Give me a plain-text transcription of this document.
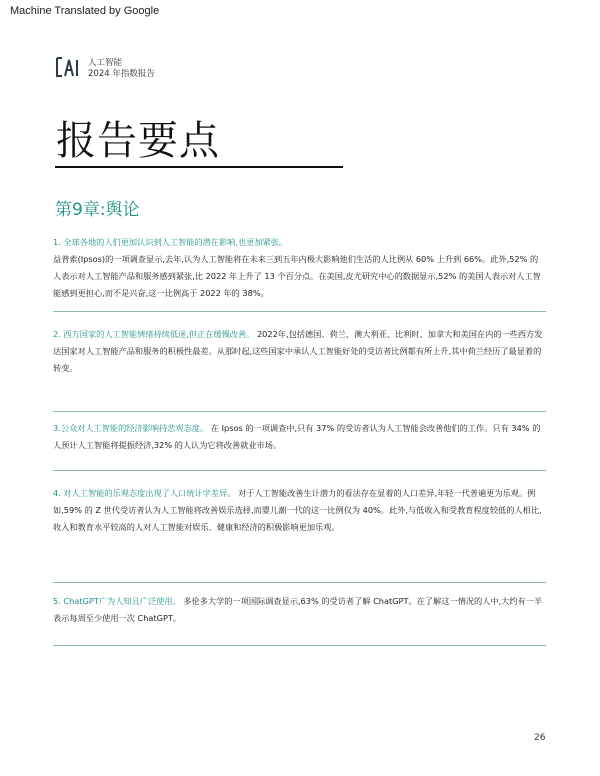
Machine Translated by Google
人工智能
2024 年指数报告
报告要点
第9章:舆论
1. 全球各地的人们更加认识到人工智能的潜在影响,也更加紧张。
益普索(Ipsos)的一项调查显示,去年,认为人工智能将在未来三到五年内极大影响他们生活的人比例从 60% 上升到 66%。此外,52% 的人表示对人工智能产品和服务感到紧张,比 2022 年上升了 13 个百分点。在美国,皮尤研究中心的数据显示,52% 的美国人表示对人工智能感到更担心,而不是兴奋,这一比例高于 2022 年的 38%。
2. 西方国家的人工智能情绪持续低迷,但正在缓慢改善。 2022年,包括德国、荷兰、澳大利亚、比利时、加拿大和美国在内的一些西方发达国家对人工智能产品和服务的积极性最差。从那时起,这些国家中承认人工智能好处的受访者比例都有所上升,其中荷兰经历了最显着的转变。
3.公众对人工智能的经济影响持悲观态度。 在 Ipsos 的一项调查中,只有 37% 的受访者认为人工智能会改善他们的工作。只有 34% 的人预计人工智能将提振经济,32% 的人认为它将改善就业市场。
4. 对人工智能的乐观态度出现了人口统计学差异。 对于人工智能改善生计潜力的看法存在显着的人口差异,年轻一代普遍更为乐观。例如,59% 的 Z 世代受访者认为人工智能将改善娱乐选择,而婴儿潮一代的这一比例仅为 40%。此外,与低收入和受教育程度较低的人相比,收入和教育水平较高的人对人工智能对娱乐、健康和经济的积极影响更加乐观。
5. ChatGPT广为人知且广泛使用。 多伦多大学的一项国际调查显示,63% 的受访者了解 ChatGPT。在了解这一情况的人中,大约有一半表示每周至少使用一次 ChatGPT。
26
